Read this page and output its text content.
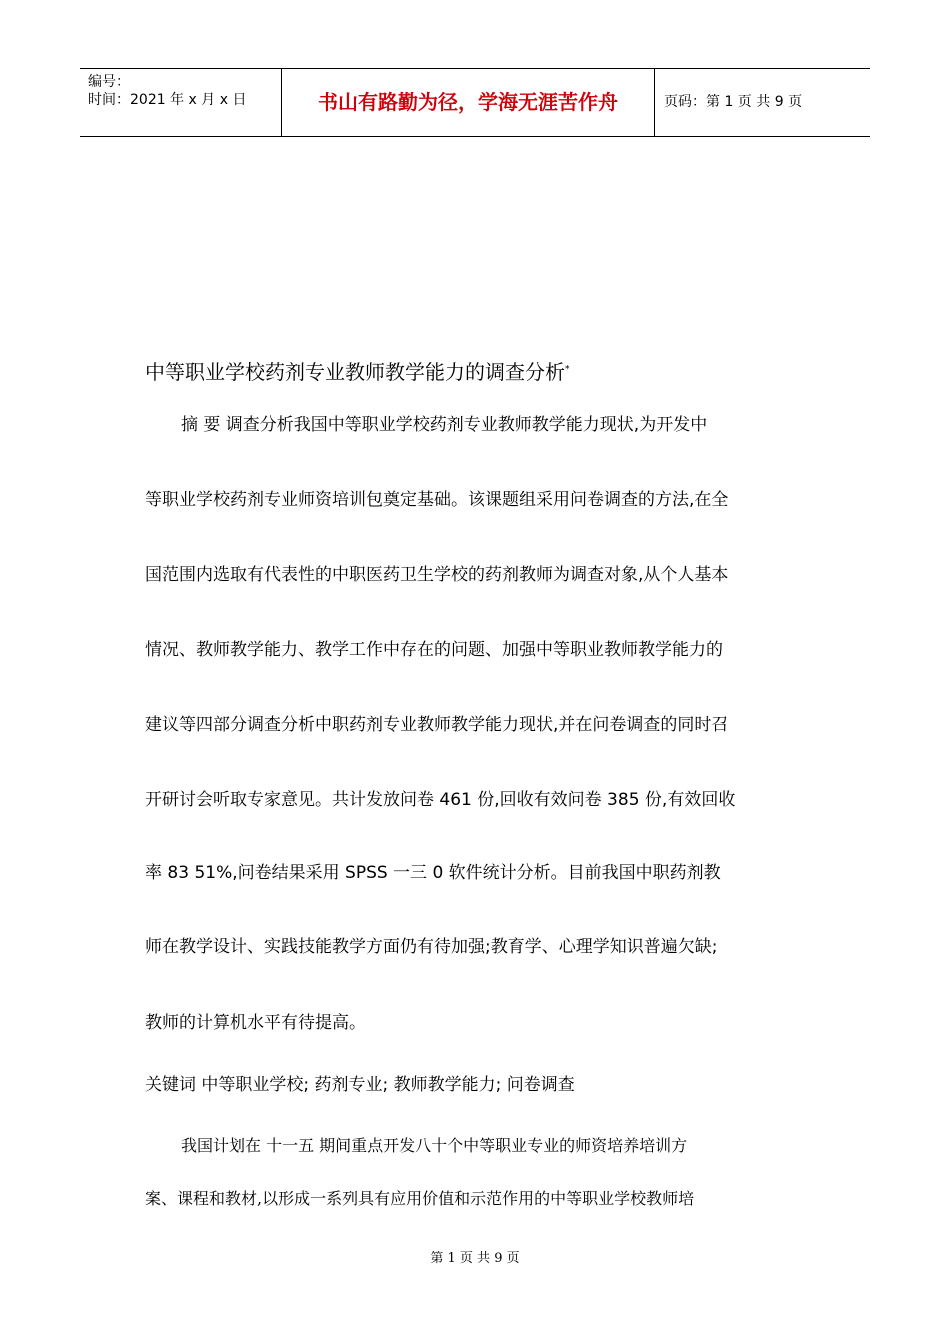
编号：
时间：2021 年 x 月 x 日	书山有路勤为径，学海无涯苦作舟	页码：第 1 页 共 9 页
中等职业学校药剂专业教师教学能力的调查分析*
摘 要 调查分析我国中等职业学校药剂专业教师教学能力现状,为开发中
等职业学校药剂专业师资培训包奠定基础。该课题组采用问卷调查的方法,在全
国范围内选取有代表性的中职医药卫生学校的药剂教师为调查对象,从个人基本
情况、教师教学能力、教学工作中存在的问题、加强中等职业教师教学能力的
建议等四部分调查分析中职药剂专业教师教学能力现状,并在问卷调查的同时召
开研讨会听取专家意见。共计发放问卷 461 份,回收有效问卷 385 份,有效回收
率 83 51%,问卷结果采用 SPSS 一三 0 软件统计分析。目前我国中职药剂教
师在教学设计、实践技能教学方面仍有待加强;教育学、心理学知识普遍欠缺;
教师的计算机水平有待提高。
关键词 中等职业学校; 药剂专业; 教师教学能力; 问卷调查
我国计划在 十一五 期间重点开发八十个中等职业专业的师资培养培训方
案、课程和教材,以形成一系列具有应用价值和示范作用的中等职业学校教师培
第 1 页 共 9 页
